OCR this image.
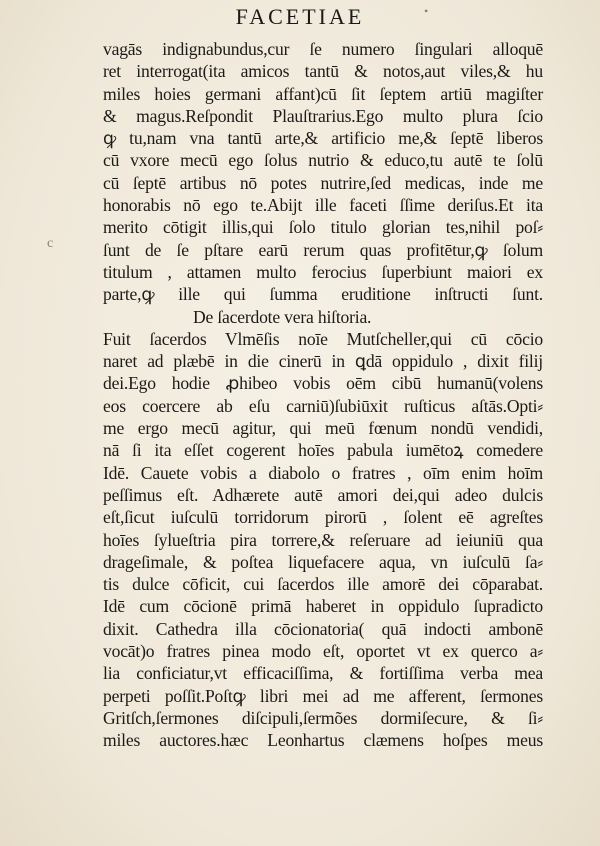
FACETIAE	•
c
vagās indignabundus,cur ſe numero ſingulari alloquē
ret interrogat(ita amicos tantū & notos,aut viles,& hu
miles hoies germani affant)cū ſit ſeptem artiū magiſter
& magus.Reſpondit Plauſtrarius.Ego multo plura ſcio
ꝙ tu,nam vna tantū arte,& artificio me,& ſeptē liberos
cū vxore mecū ego ſolus nutrio & educo,tu autē te ſolū
cū ſeptē artibus nō potes nutrire,ſed medicas, inde me
honorabis nō ego te.Abijt ille faceti ſſime deriſus.Et ita
merito cōtigit illis,qui ſolo titulo glorian tes,nihil poſ⸗
ſunt de ſe pſtare earū rerum quas profitētur,ꝙ ſolum
titulum , attamen multo ferocius ſuperbiunt maiori ex
parte,ꝙ ille qui ſumma eruditione inſtructi ſunt.
De ſacerdote vera hiſtoria.
Fuit ſacerdos Vlmēſis noīe Mutſcheller,qui cū cōcio
naret ad plæbē in die cinerū in ꝗdā oppidulo , dixit filij
dei.Ego hodie ꝓhibeo vobis oēm cibū humanū(volens
eos coercere ab eſu carniū)ſubiūxit ruſticus aſtās.Opti⸗
me ergo mecū agitur, qui meū fœnum nondū vendidi,
nā ſi ita eſſet cogerent hoīes pabula iumētoꝝ comedere
Idē. Cauete vobis a diabolo o fratres , oīm enim hoīm
peſſimus eſt. Adhærete autē amori dei,qui adeo dulcis
eſt,ſicut iuſculū torridorum pirorū , ſolent eē agreſtes
hoīes ſylueſtria pira torrere,& reſeruare ad ieiuniū qua
drageſimale, & poſtea liquefacere aqua, vn iuſculū ſa⸗
tis dulce cōficit, cui ſacerdos ille amorē dei cōparabat.
Idē cum cōcionē primā haberet in oppidulo ſupradicto
dixit. Cathedra illa cōcionatoria( quā indocti ambonē
vocāt)o fratres pinea modo eſt, oportet vt ex querco a⸗
lia conficiatur,vt efficaciſſima, & fortiſſima verba mea
perpeti poſſit.Poſtꝙ libri mei ad me afferent, ſermones
Gritſch,ſermones diſcipuli,ſermões dormiſecure, & ſi⸗
miles auctores.hæc Leonhartus clæmens hoſpes meus
